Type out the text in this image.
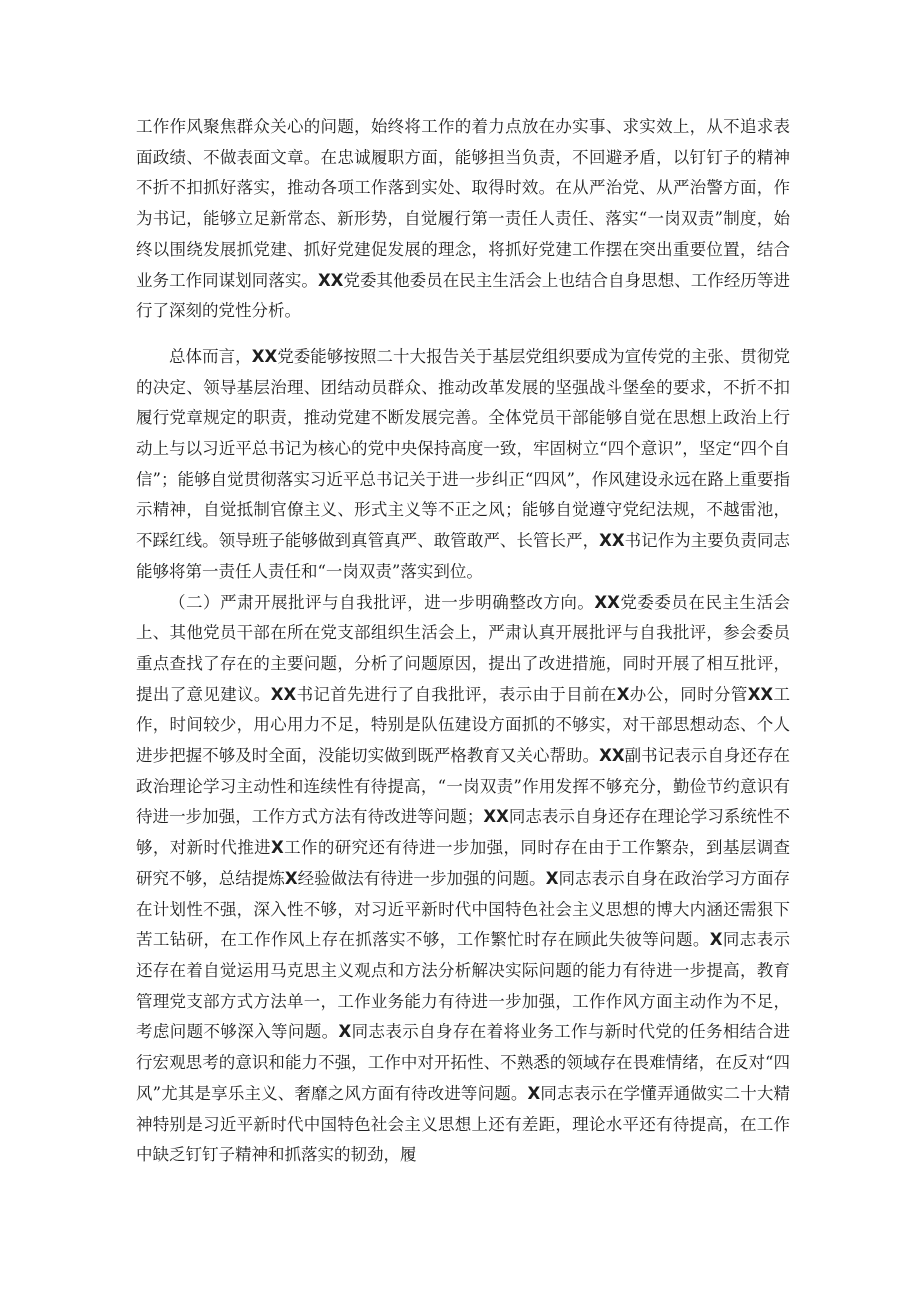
工作作风聚焦群众关心的问题，始终将工作的着力点放在办实事、求实效上，从不追求表面政绩、不做表面文章。在忠诚履职方面，能够担当负责，不回避矛盾，以钉钉子的精神不折不扣抓好落实，推动各项工作落到实处、取得时效。在从严治党、从严治警方面，作为书记，能够立足新常态、新形势，自觉履行第一责任人责任、落实“一岗双责”制度，始终以围绕发展抓党建、抓好党建促发展的理念，将抓好党建工作摆在突出重要位置，结合业务工作同谋划同落实。XX党委其他委员在民主生活会上也结合自身思想、工作经历等进行了深刻的党性分析。

总体而言，XX党委能够按照二十大报告关于基层党组织要成为宣传党的主张、贯彻党的决定、领导基层治理、团结动员群众、推动改革发展的坚强战斗堡垒的要求，不折不扣履行党章规定的职责，推动党建不断发展完善。全体党员干部能够自觉在思想上政治上行动上与以习近平总书记为核心的党中央保持高度一致，牢固树立“四个意识”，坚定“四个自信”；能够自觉贯彻落实习近平总书记关于进一步纠正“四风”，作风建设永远在路上重要指示精神，自觉抵制官僚主义、形式主义等不正之风；能够自觉遵守党纪法规，不越雷池，不踩红线。领导班子能够做到真管真严、敢管敢严、长管长严，XX书记作为主要负责同志能够将第一责任人责任和“一岗双责”落实到位。

（二）严肃开展批评与自我批评，进一步明确整改方向。XX党委委员在民主生活会上、其他党员干部在所在党支部组织生活会上，严肃认真开展批评与自我批评，参会委员重点查找了存在的主要问题，分析了问题原因，提出了改进措施，同时开展了相互批评，提出了意见建议。XX书记首先进行了自我批评，表示由于目前在X办公，同时分管XX工作，时间较少，用心用力不足，特别是队伍建设方面抓的不够实，对干部思想动态、个人进步把握不够及时全面，没能切实做到既严格教育又关心帮助。XX副书记表示自身还存在政治理论学习主动性和连续性有待提高，“一岗双责”作用发挥不够充分，勤俭节约意识有待进一步加强，工作方式方法有待改进等问题；XX同志表示自身还存在理论学习系统性不够，对新时代推进X工作的研究还有待进一步加强，同时存在由于工作繁杂，到基层调查研究不够，总结提炼X经验做法有待进一步加强的问题。X同志表示自身在政治学习方面存在计划性不强，深入性不够，对习近平新时代中国特色社会主义思想的博大内涵还需狠下苦工钻研，在工作作风上存在抓落实不够，工作繁忙时存在顾此失彼等问题。X同志表示还存在着自觉运用马克思主义观点和方法分析解决实际问题的能力有待进一步提高，教育管理党支部方式方法单一，工作业务能力有待进一步加强，工作作风方面主动作为不足，考虑问题不够深入等问题。X同志表示自身存在着将业务工作与新时代党的任务相结合进行宏观思考的意识和能力不强，工作中对开拓性、不熟悉的领域存在畏难情绪，在反对“四风”尤其是享乐主义、奢靡之风方面有待改进等问题。X同志表示在学懂弄通做实二十大精神特别是习近平新时代中国特色社会主义思想上还有差距，理论水平还有待提高，在工作中缺乏钉钉子精神和抓落实的韧劲，履
